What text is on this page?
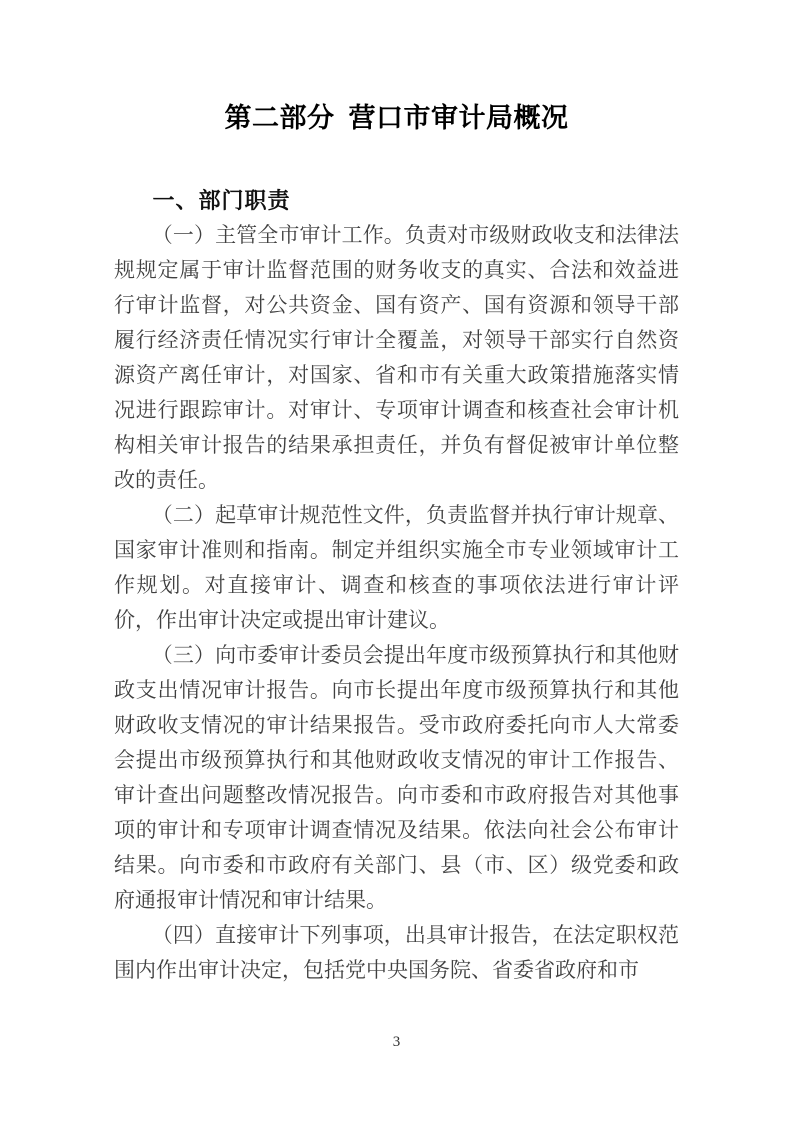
第二部分 营口市审计局概况
一、部门职责

（一）主管全市审计工作。负责对市级财政收支和法律法规规定属于审计监督范围的财务收支的真实、合法和效益进行审计监督，对公共资金、国有资产、国有资源和领导干部履行经济责任情况实行审计全覆盖，对领导干部实行自然资源资产离任审计，对国家、省和市有关重大政策措施落实情况进行跟踪审计。对审计、专项审计调查和核查社会审计机构相关审计报告的结果承担责任，并负有督促被审计单位整改的责任。

（二）起草审计规范性文件，负责监督并执行审计规章、国家审计准则和指南。制定并组织实施全市专业领域审计工作规划。对直接审计、调查和核查的事项依法进行审计评价，作出审计决定或提出审计建议。

（三）向市委审计委员会提出年度市级预算执行和其他财政支出情况审计报告。向市长提出年度市级预算执行和其他财政收支情况的审计结果报告。受市政府委托向市人大常委会提出市级预算执行和其他财政收支情况的审计工作报告、审计查出问题整改情况报告。向市委和市政府报告对其他事项的审计和专项审计调查情况及结果。依法向社会公布审计结果。向市委和市政府有关部门、县（市、区）级党委和政府通报审计情况和审计结果。

（四）直接审计下列事项，出具审计报告，在法定职权范围内作出审计决定，包括党中央国务院、省委省政府和市

3
